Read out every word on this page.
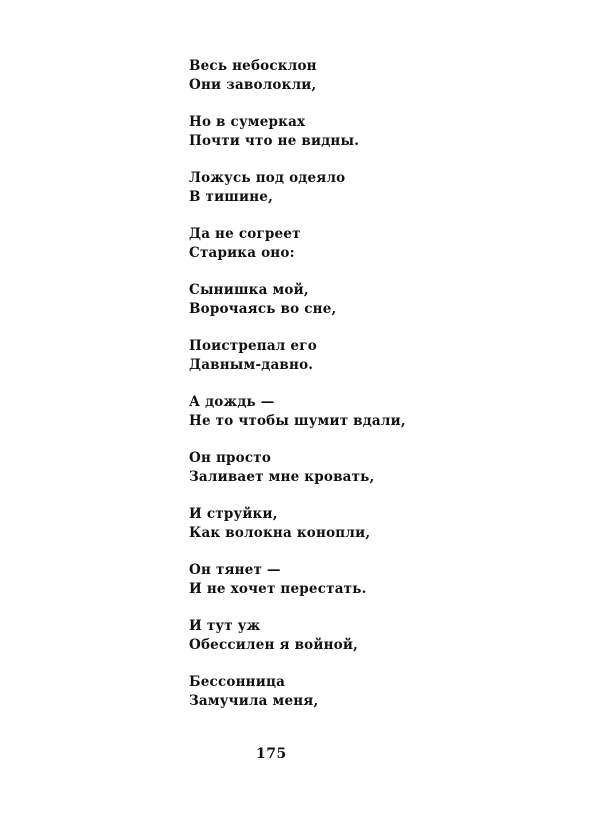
Весь небосклон
Они заволокли,
Но в сумерках
Почти что не видны.
Ложусь под одеяло
В тишине,
Да не согреет
Старика оно:
Сынишка мой,
Ворочаясь во сне,
Поистрепал его
Давным-давно.
А дождь —
Не то чтобы шумит вдали,
Он просто
Заливает мне кровать,
И струйки,
Как волокна конопли,
Он тянет —
И не хочет перестать.
И тут уж
Обессилен я войной,
Бессонница
Замучила меня,
175
